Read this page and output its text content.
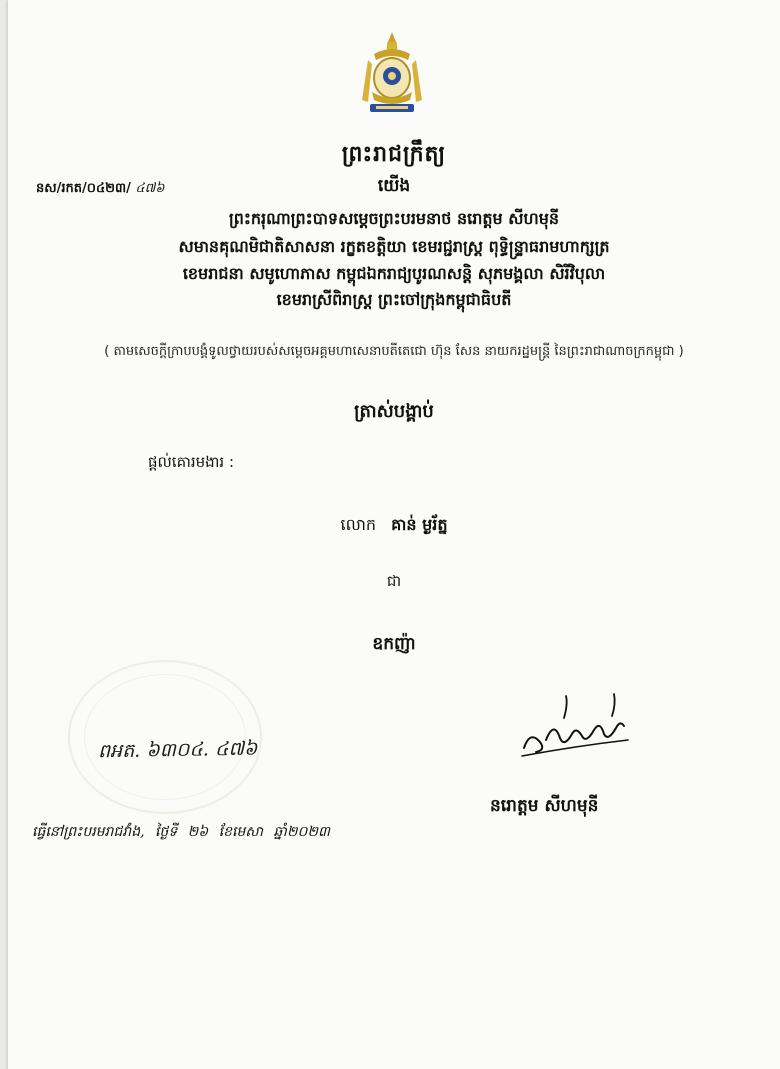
ព្រះរាជក្រឹត្យ
នស/រកត/០៤២៣/ ៤៧៦	យើង
ព្រះករុណាព្រះបាទសម្តេចព្រះបរមនាថ នរោត្តម សីហមុនី
សមានគុណមិជាតិសាសនា រក្ខតខត្តិយា ខេមរជ្ជរាស្ត្រ ពុទ្ធិន្ទ្រាធរាមហាក្សត្រ
ខេមរាជនា សមូហោភាស កម្ពុជឯករាជ្យបូរណសន្តិ សុភមង្គលា សិរីវិបុលា
ខេមរាស្រីពិរាស្ត្រ ព្រះចៅក្រុងកម្ពុជាធិបតី
( តាមសេចក្តីក្រាបបង្គំទូលថ្វាយរបស់សម្តេចអគ្គមហាសេនាបតីតេជោ ហ៊ុន សែន នាយករដ្ឋមន្ត្រី នៃព្រះរាជាណាចក្រកម្ពុជា )
ត្រាស់បង្គាប់
ផ្តល់គោរមងារ :
លោក គាន់ ម្ងរ័ត្ន
ជា
ឧកញ៉ា
ពអត. ៦៣០៤. ៤៧៦
នរោត្តម សីហមុនី
ធ្វើនៅព្រះបរមរាជវាំង, ថ្ងៃទី ២៦ ខែមេសា ឆ្នាំ២០២៣
